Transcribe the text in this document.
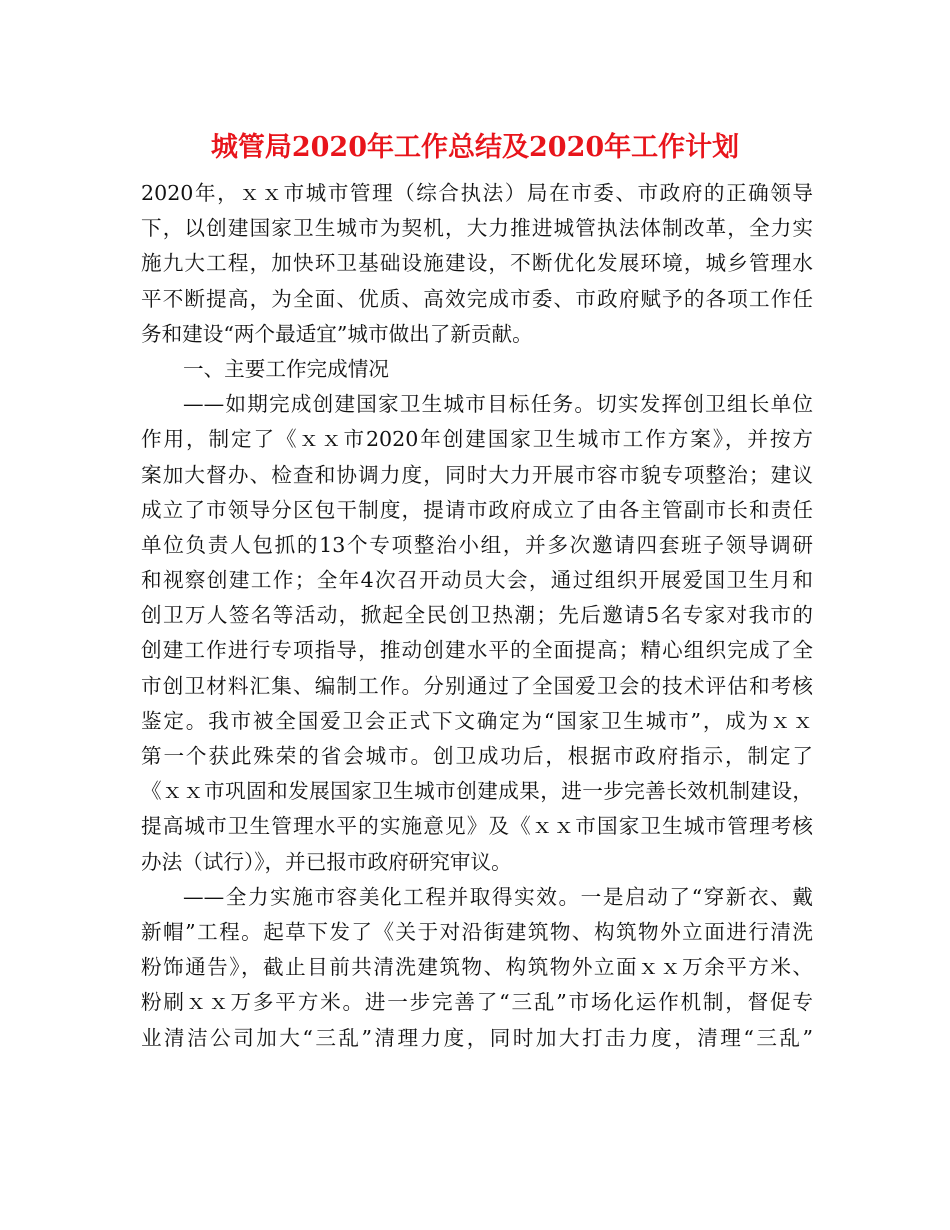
城管局2020年工作总结及2020年工作计划
2020年，ｘｘ市城市管理（综合执法）局在市委、市政府的正确领导
下，以创建国家卫生城市为契机，大力推进城管执法体制改革，全力实
施九大工程，加快环卫基础设施建设，不断优化发展环境，城乡管理水
平不断提高，为全面、优质、高效完成市委、市政府赋予的各项工作任
务和建设“两个最适宜”城市做出了新贡献。
一、主要工作完成情况
——如期完成创建国家卫生城市目标任务。切实发挥创卫组长单位
作用，制定了《ｘｘ市2020年创建国家卫生城市工作方案》，并按方
案加大督办、检查和协调力度，同时大力开展市容市貌专项整治；建议
成立了市领导分区包干制度，提请市政府成立了由各主管副市长和责任
单位负责人包抓的13个专项整治小组，并多次邀请四套班子领导调研
和视察创建工作；全年4次召开动员大会，通过组织开展爱国卫生月和
创卫万人签名等活动，掀起全民创卫热潮；先后邀请5名专家对我市的
创建工作进行专项指导，推动创建水平的全面提高；精心组织完成了全
市创卫材料汇集、编制工作。分别通过了全国爱卫会的技术评估和考核
鉴定。我市被全国爱卫会正式下文确定为“国家卫生城市”，成为ｘｘ
第一个获此殊荣的省会城市。创卫成功后，根据市政府指示，制定了
《ｘｘ市巩固和发展国家卫生城市创建成果，进一步完善长效机制建设，
提高城市卫生管理水平的实施意见》及《ｘｘ市国家卫生城市管理考核
办法（试行）》，并已报市政府研究审议。
——全力实施市容美化工程并取得实效。一是启动了“穿新衣、戴
新帽”工程。起草下发了《关于对沿街建筑物、构筑物外立面进行清洗
粉饰通告》，截止目前共清洗建筑物、构筑物外立面ｘｘ万余平方米、
粉刷ｘｘ万多平方米。进一步完善了“三乱”市场化运作机制，督促专
业清洁公司加大“三乱”清理力度，同时加大打击力度，清理“三乱”
